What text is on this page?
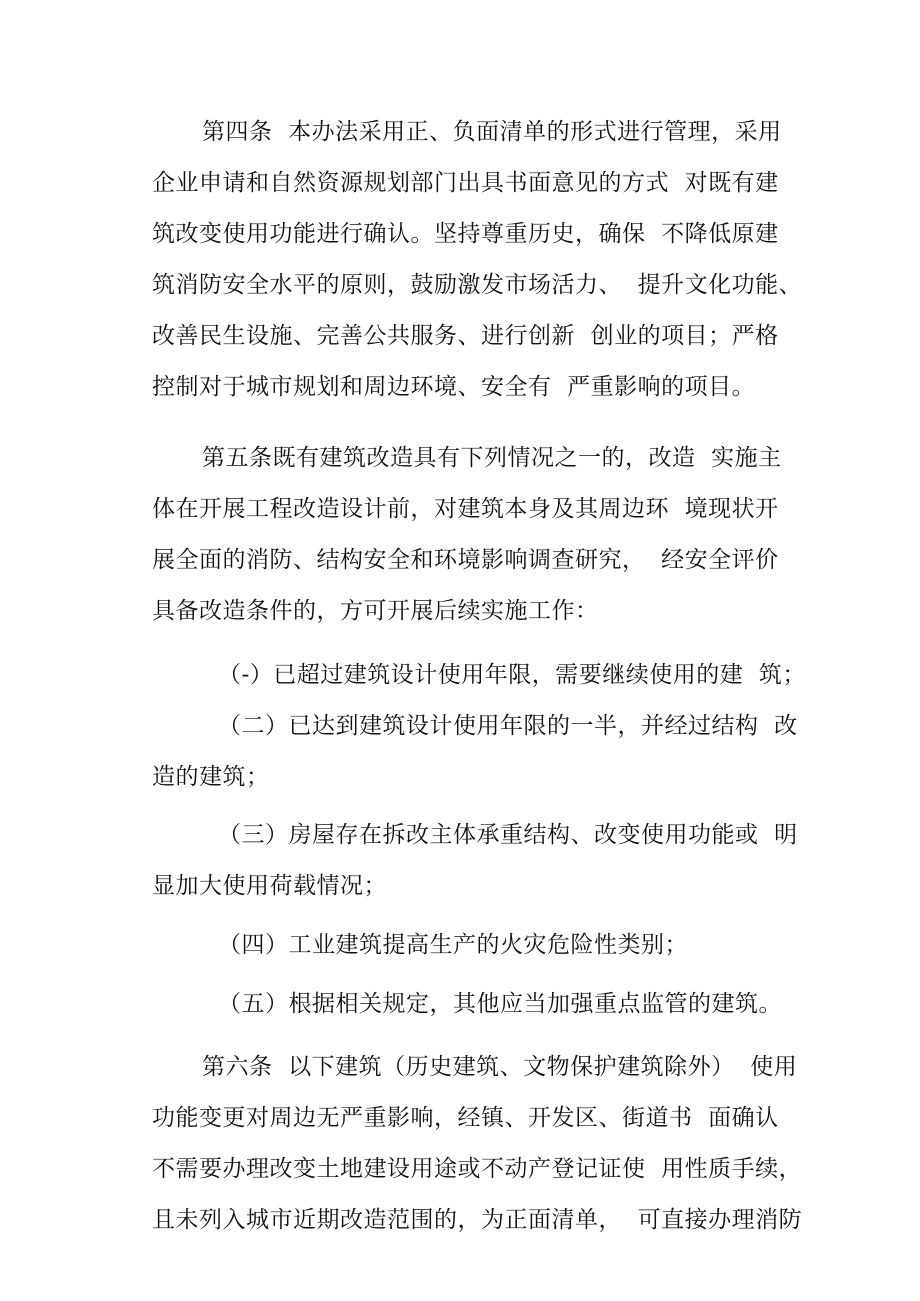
第四条  本办法采用正、负面清单的形式进行管理，采用
企业申请和自然资源规划部门出具书面意见的方式  对既有建
筑改变使用功能进行确认。坚持尊重历史，确保  不降低原建
筑消防安全水平的原则，鼓励激发市场活力、  提升文化功能、
改善民生设施、完善公共服务、进行创新  创业的项目；严格
控制对于城市规划和周边环境、安全有  严重影响的项目。
第五条既有建筑改造具有下列情况之一的，改造  实施主
体在开展工程改造设计前，对建筑本身及其周边环  境现状开
展全面的消防、结构安全和环境影响调查研究，  经安全评价
具备改造条件的，方可开展后续实施工作：
（-）已超过建筑设计使用年限，需要继续使用的建  筑；
（二）已达到建筑设计使用年限的一半，并经过结构  改
造的建筑；
（三）房屋存在拆改主体承重结构、改变使用功能或  明
显加大使用荷载情况；
（四）工业建筑提高生产的火灾危险性类别；
（五）根据相关规定，其他应当加强重点监管的建筑。
第六条  以下建筑（历史建筑、文物保护建筑除外）  使用
功能变更对周边无严重影响，经镇、开发区、街道书  面确认
不需要办理改变土地建设用途或不动产登记证使  用性质手续，
且未列入城市近期改造范围的，为正面清单，  可直接办理消防
